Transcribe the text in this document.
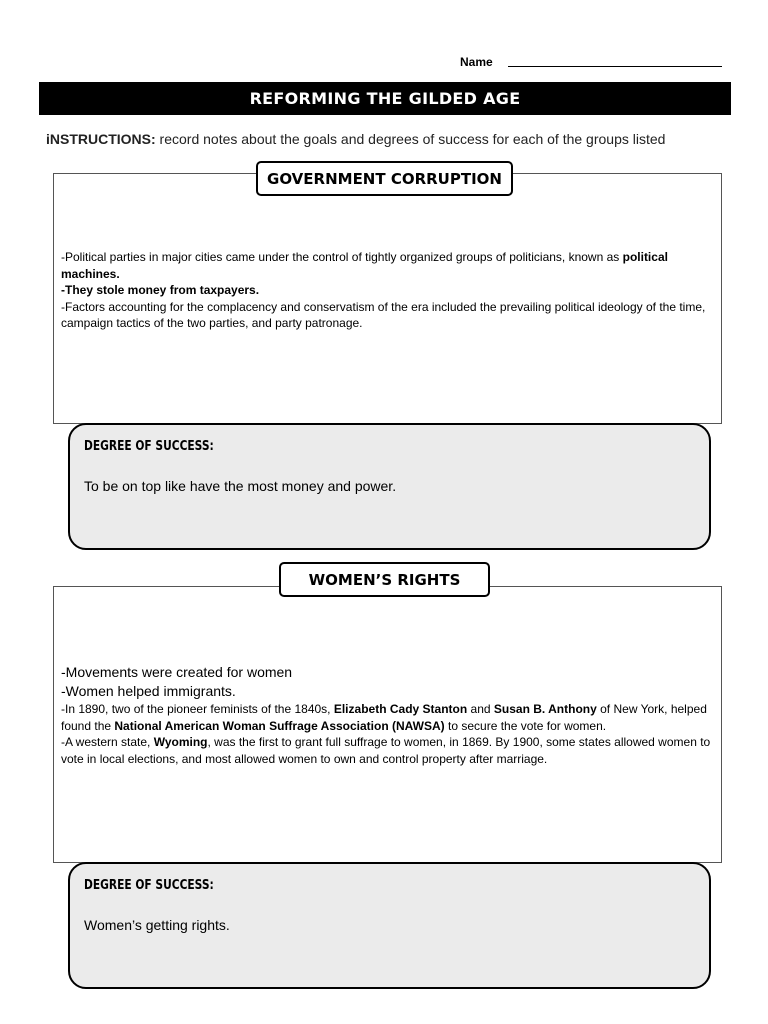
Name
REFORMING THE GILDED AGE
iNSTRUCTIONS: record notes about the goals and degrees of success for each of the groups listed
GOVERNMENT CORRUPTION

-Political parties in major cities came under the control of tightly organized groups of politicians, known as political machines.

-They stole money from taxpayers.

-Factors accounting for the complacency and conservatism of the era included the prevailing political ideology of the time, campaign tactics of the two parties, and party patronage.

DEGREE OF SUCCESS:
To be on top like have the most money and power.
WOMEN’S RIGHTS

-Movements were created for women

-Women helped immigrants.

-In 1890, two of the pioneer feminists of the 1840s, Elizabeth Cady Stanton and Susan B. Anthony of New York, helped found the National American Woman Suffrage Association (NAWSA) to secure the vote for women.

-A western state, Wyoming, was the first to grant full suffrage to women, in 1869. By 1900, some states allowed women to vote in local elections, and most allowed women to own and control property after marriage.

DEGREE OF SUCCESS:
Women’s getting rights.
